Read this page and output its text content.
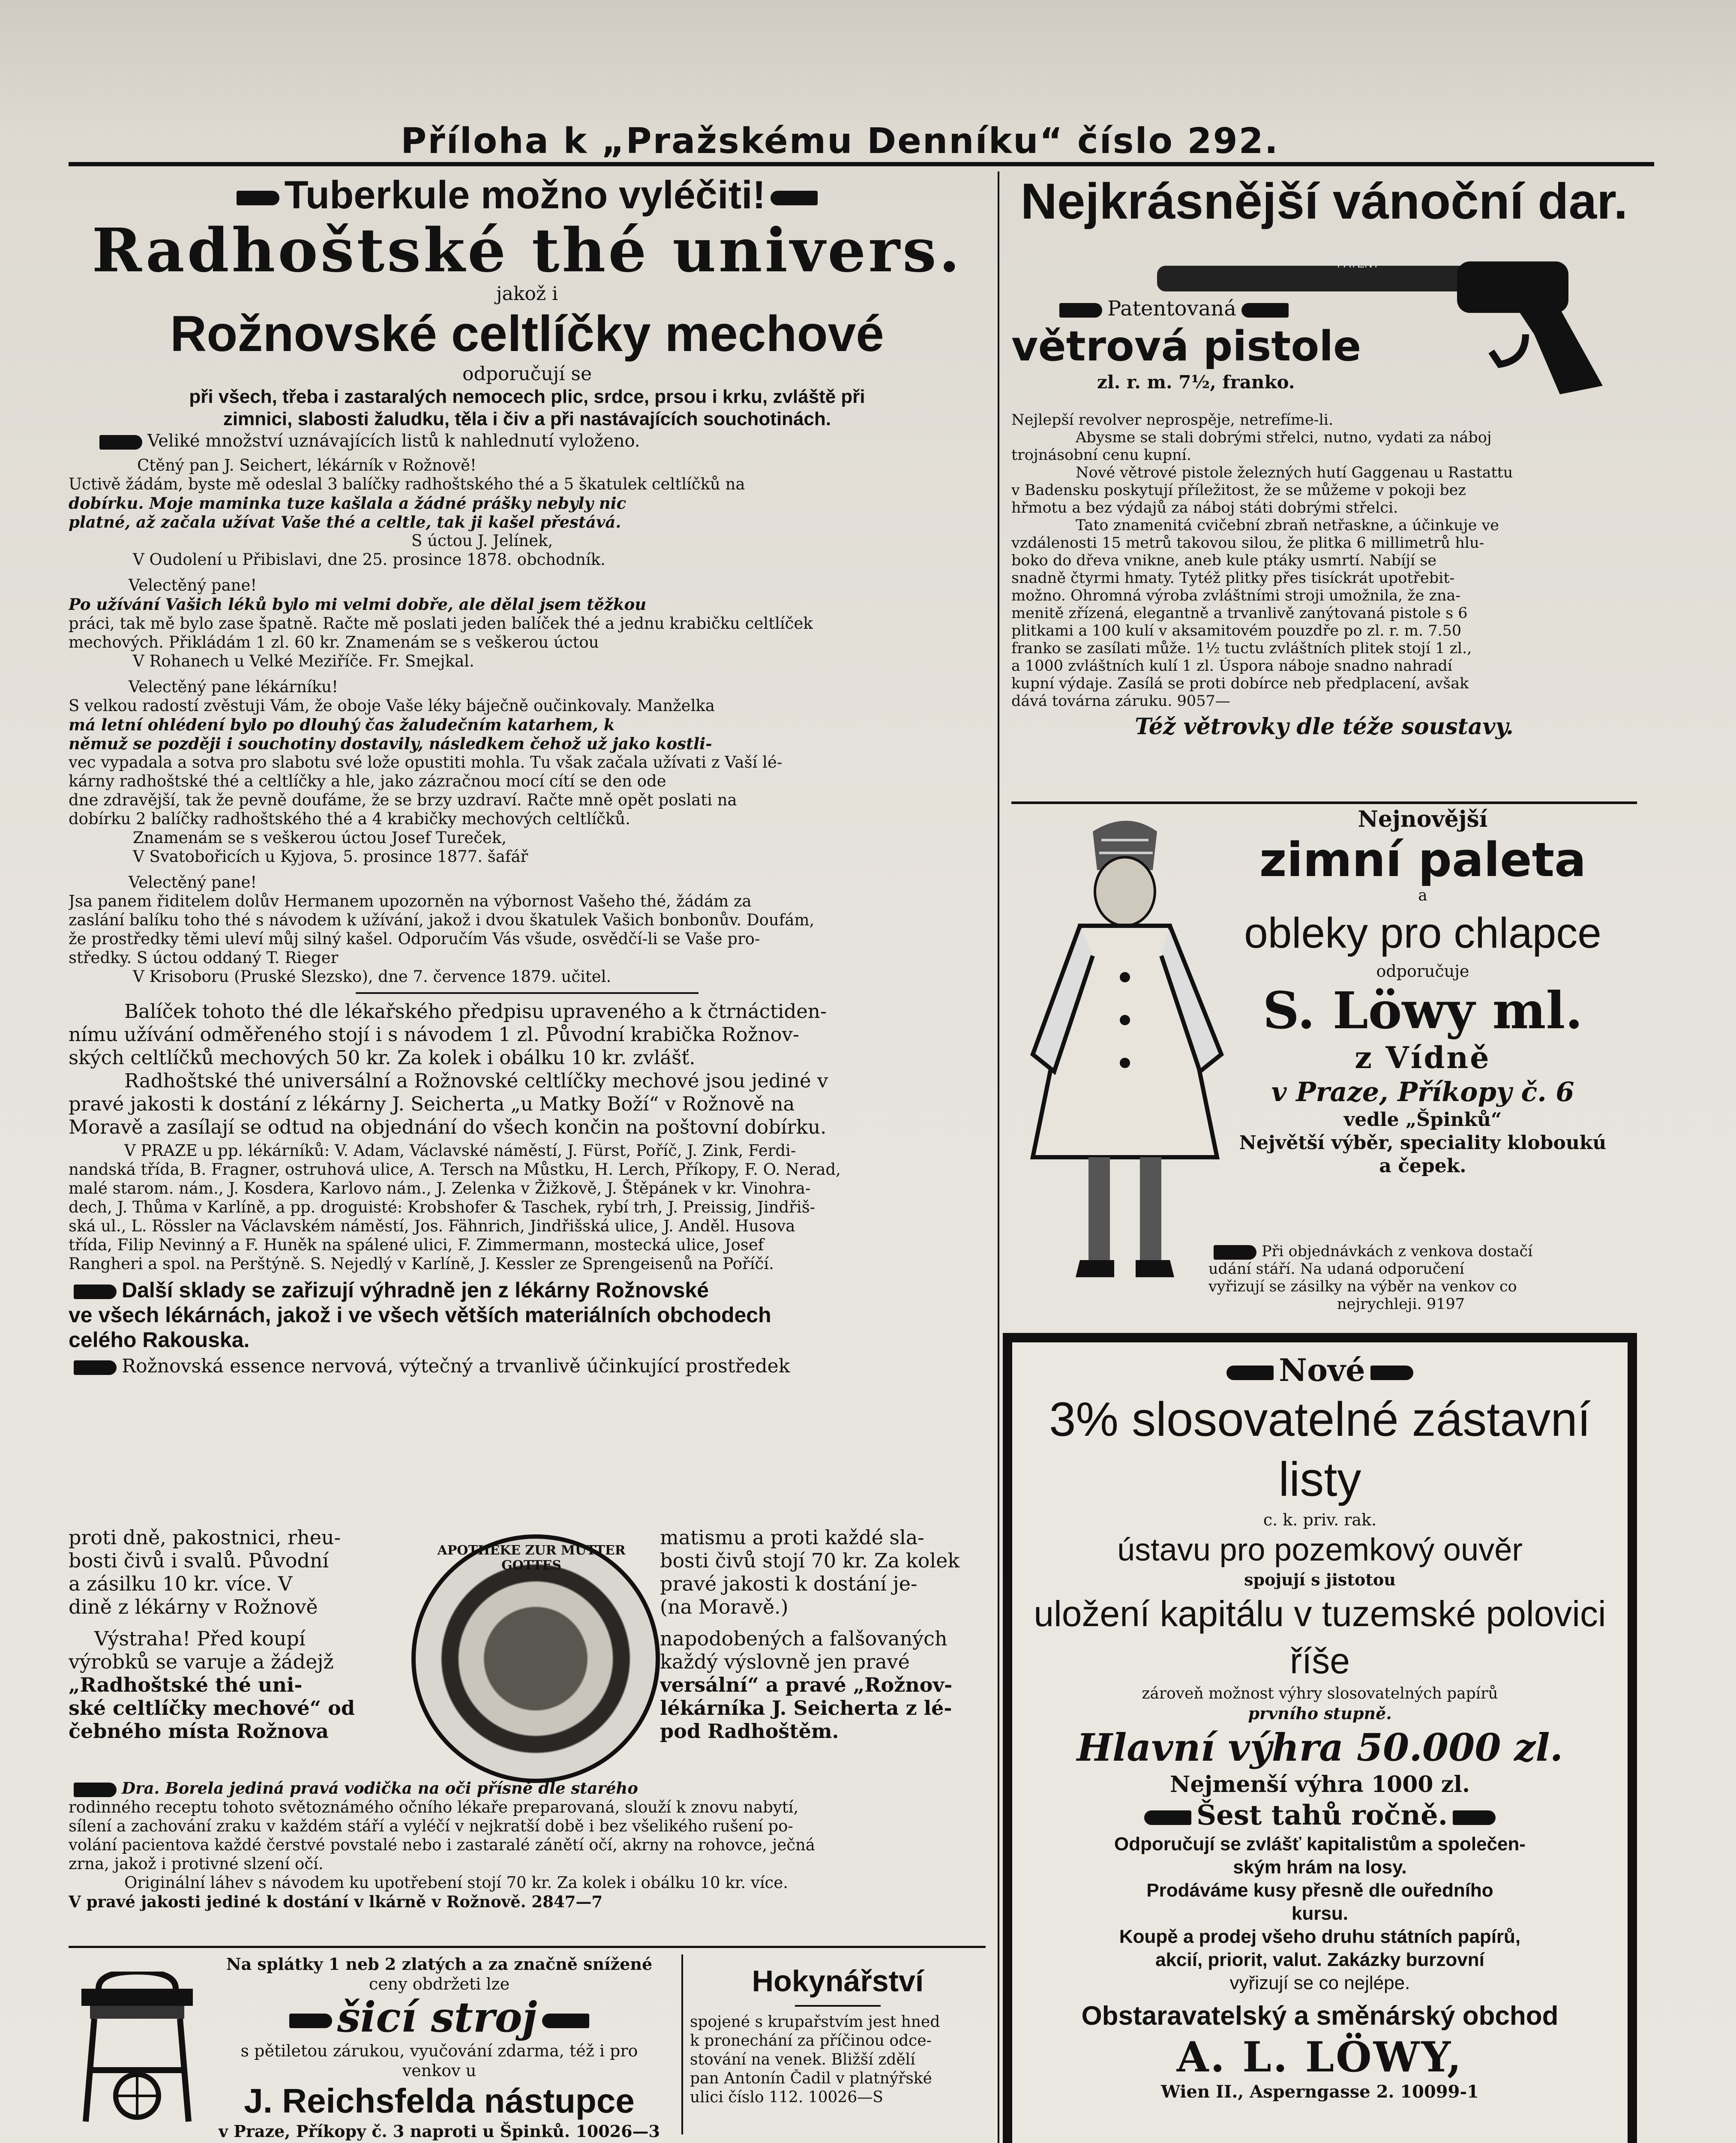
Příloha k „Pražskému Denníku“ číslo 292.
Tuberkule možno vyléčiti!
Radhoštské thé univers.
jakož i
Rožnovské celtlíčky mechové
odporučují se
při všech, třeba i zastaralých nemocech plic, srdce, prsou i krku, zvláště při
zimnici, slabosti žaludku, těla i čiv a při nastávajících souchotinách.
Veliké množství uznávajících listů k nahlednutí vyloženo.
Ctěný pan J. Seichert, lékárník v Rožnově!
Uctivě žádám, byste mě odeslal 3 balíčky radhoštského thé a 5 škatulek celtlíčků na
dobírku. Moje maminka tuze kašlala a žádné prášky nebyly nic
platné, až začala užívat Vaše thé a celtle, tak ji kašel přestává.
S úctou J. Jelínek,
V Oudolení u Přibislavi, dne 25. prosince 1878. obchodník.
Velectěný pane!
Po užívání Vašich léků bylo mi velmi dobře, ale dělal jsem těžkou
práci, tak mě bylo zase špatně. Račte mě poslati jeden balíček thé a jednu krabičku celtlíček
mechových. Přikládám 1 zl. 60 kr. Znamenám se s veškerou úctou
V Rohanech u Velké Meziříče. Fr. Smejkal.
Velectěný pane lékárníku!
S velkou radostí zvěstuji Vám, že oboje Vaše léky báječně oučinkovaly. Manželka
má letní ohlédení bylo po dlouhý čas žaludečním katarhem, k
němuž se později i souchotiny dostavily, následkem čehož už jako kostli-
vec vypadala a sotva pro slabotu své lože opustiti mohla. Tu však začala užívati z Vaší lé-
kárny radhoštské thé a celtlíčky a hle, jako zázračnou mocí cítí se den ode
dne zdravější, tak že pevně doufáme, že se brzy uzdraví. Račte mně opět poslati na
dobírku 2 balíčky radhoštského thé a 4 krabičky mechových celtlíčků.
Znamenám se s veškerou úctou Josef Tureček,
V Svatobořicích u Kyjova, 5. prosince 1877. šafář
Velectěný pane!
Jsa panem řiditelem dolův Hermanem upozorněn na výbornost Vašeho thé, žádám za
zaslání balíku toho thé s návodem k užívání, jakož i dvou škatulek Vašich bonbonův. Doufám,
že prostředky těmi uleví můj silný kašel. Odporučím Vás všude, osvědčí-li se Vaše pro-
středky. S úctou oddaný T. Rieger
V Krisoboru (Pruské Slezsko), dne 7. července 1879. učitel.
Balíček tohoto thé dle lékařského předpisu upraveného a k čtrnáctiden-
nímu užívání odměřeného stojí i s návodem 1 zl. Původní krabička Rožnov-
ských celtlíčků mechových 50 kr. Za kolek i obálku 10 kr. zvlášť.
Radhoštské thé universální a Rožnovské celtlíčky mechové jsou jediné v
pravé jakosti k dostání z lékárny J. Seicherta „u Matky Boží“ v Rožnově na
Moravě a zasílají se odtud na objednání do všech končin na poštovní dobírku.
V PRAZE u pp. lékárníků: V. Adam, Václavské náměstí, J. Fürst, Poříč, J. Zink, Ferdi-
nandská třída, B. Fragner, ostruhová ulice, A. Tersch na Můstku, H. Lerch, Příkopy, F. O. Nerad,
malé starom. nám., J. Kosdera, Karlovo nám., J. Zelenka v Žižkově, J. Štěpánek v kr. Vinohra-
dech, J. Thůma v Karlíně, a pp. droguisté: Krobshofer & Taschek, rybí trh, J. Preissig, Jindřiš-
ská ul., L. Rössler na Václavském náměstí, Jos. Fähnrich, Jindřišská ulice, J. Anděl. Husova
třída, Filip Nevinný a F. Huněk na spálené ulici, F. Zimmermann, mostecká ulice, Josef
Rangheri a spol. na Perštýně. S. Nejedlý v Karlíně, J. Kessler ze Sprengeisenů na Poříčí.
Další sklady se zařizují výhradně jen z lékárny Rožnovské
ve všech lékárnách, jakož i ve všech větších materiálních obchodech
celého Rakouska.
Rožnovská essence nervová, výtečný a trvanlivě účinkující prostředek
proti dně, pakostnici, rheu-
bosti čivů i svalů. Původní
a zásilku 10 kr. více. V
dině z lékárny v Rožnově
Výstraha! Před koupí
výrobků se varuje a žádejž
„Radhoštské thé uni-
ské celtlíčky mechové“ od
čebného místa Rožnova
APOTHEKE ZUR MUTTER GOTTES
matismu a proti každé sla-
bosti čivů stojí 70 kr. Za kolek
pravé jakosti k dostání je-
(na Moravě.)
napodobených a falšovaných
každý výslovně jen pravé
versální“ a pravé „Rožnov-
lékárníka J. Seicherta z lé-
pod Radhoštěm.
Dra. Borela jediná pravá vodička na oči přísně dle starého
rodinného receptu tohoto světoznámého očního lékaře preparovaná, slouží k znovu nabytí,
sílení a zachování zraku v každém stáří a vyléčí v nejkratší době i bez všelikého rušení po-
volání pacientova každé čerstvé povstalé nebo i zastaralé zánětí očí, akrny na rohovce, ječná
zrna, jakož i protivné slzení očí.
Originální láhev s návodem ku upotřebení stojí 70 kr. Za kolek i obálku 10 kr. více.
V pravé jakosti jediné k dostání v lkárně v Rožnově. 2847—7
Na splátky 1 neb 2 zlatých a za značně snížené
ceny obdržeti lze
šicí stroj
s pětiletou zárukou, vyučování zdarma, též i pro
venkov u
J. Reichsfelda nástupce
v Praze, Příkopy č. 3 naproti u Špinků. 10026—3
Hokynářství
spojené s krupařstvím jest hned
k pronechání za příčinou odce-
stování na venek. Bližší zdělí
pan Antonín Čadil v platnýřské
ulici číslo 112. 10026—S
Nejkrásnější vánoční dar.
PATENT
Patentovaná
větrová pistole
zl. r. m. 7½, franko.
Nejlepší revolver neprospěje, netrefíme-li.
Abysme se stali dobrými střelci, nutno, vydati za náboj
trojnásobní cenu kupní.
Nové větrové pistole železných hutí Gaggenau u Rastattu
v Badensku poskytují příležitost, že se můžeme v pokoji bez
hřmotu a bez výdajů za náboj státi dobrými střelci.
Tato znamenitá cvičební zbraň netřaskne, a účinkuje ve
vzdálenosti 15 metrů takovou silou, že plitka 6 millimetrů hlu-
boko do dřeva vnikne, aneb kule ptáky usmrtí. Nabíjí se
snadně čtyrmi hmaty. Tytéž plitky přes tisíckrát upotřebit-
možno. Ohromná výroba zvláštními stroji umožnila, že zna-
menitě zřízená, elegantně a trvanlivě zanýtovaná pistole s 6
plitkami a 100 kulí v aksamitovém pouzdře po zl. r. m. 7.50
franko se zasílati může. 1½ tuctu zvláštních plitek stojí 1 zl.,
a 1000 zvláštních kulí 1 zl. Úspora náboje snadno nahradí
kupní výdaje. Zasílá se proti dobírce neb předplacení, avšak
dává továrna záruku. 9057—
Též větrovky dle téže soustavy.
Nejnovější
zimní paleta
a
obleky pro chlapce
odporučuje
S. Löwy ml.
z Vídně
v Praze, Příkopy č. 6
vedle „Špinků“
Největší výběr, speciality kloboukú
a čepek.
Při objednávkách z venkova dostačí
udání stáří. Na udaná odporučení
vyřizují se zásilky na výběr na venkov co
nejrychleji. 9197
Nové
3% slosovatelné zástavní listy
c. k. priv. rak.
ústavu pro pozemkový ouvěr
spojují s jistotou
uložení kapitálu v tuzemské polovici říše
zároveň možnost výhry slosovatelných papírů
prvního stupně.
Hlavní výhra 50.000 zl.
Nejmenší výhra 1000 zl.
Šest tahů ročně.
Odporučují se zvlášť kapitalistům a společen-
ským hrám na losy.
Prodáváme kusy přesně dle ouředního
kursu.
Koupě a prodej všeho druhu státních papírů,
akcií, priorit, valut. Zakázky burzovní
vyřizují se co nejlépe.
Obstaravatelský a směnárský obchod
A. L. LÖWY,
Wien II., Asperngasse 2. 10099-1
